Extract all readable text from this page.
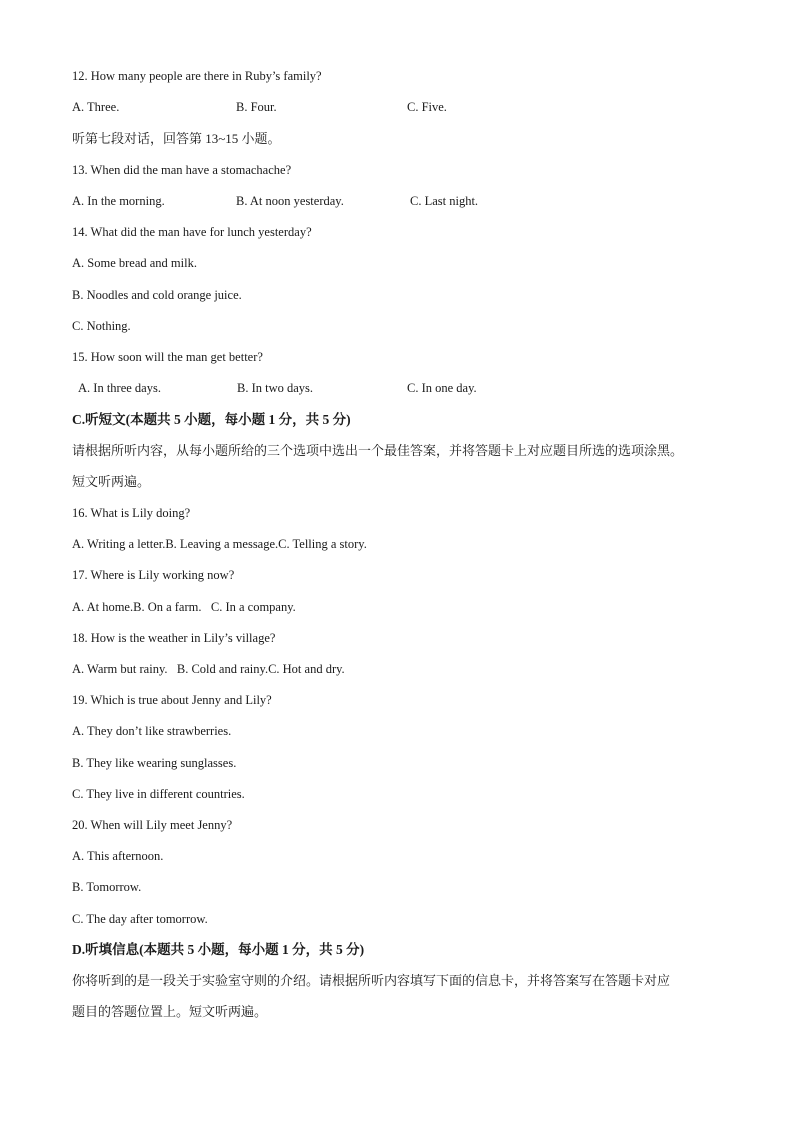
12. How many people are there in Ruby’s family?
A. Three.	B. Four.	C. Five.
听第七段对话，回答第 13~15 小题。
13. When did the man have a stomachache?
A. In the morning.	B. At noon yesterday.	C. Last night.
14. What did the man have for lunch yesterday?
A. Some bread and milk.
B. Noodles and cold orange juice.
C. Nothing.
15. How soon will the man get better?
A. In three days.	B. In two days.	C. In one day.
C.听短文(本题共 5 小题，每小题 1 分，共 5 分)
请根据所听内容，从每小题所给的三个选项中选出一个最佳答案，并将答题卡上对应题目所选的选项涂黑。
短文听两遍。
16. What is Lily doing?
A. Writing a letter.B. Leaving a message.C. Telling a story.
17. Where is Lily working now?
A. At home.B. On a farm.   C. In a company.
18. How is the weather in Lily’s village?
A. Warm but rainy.   B. Cold and rainy.C. Hot and dry.
19. Which is true about Jenny and Lily?
A. They don’t like strawberries.
B. They like wearing sunglasses.
C. They live in different countries.
20. When will Lily meet Jenny?
A. This afternoon.
B. Tomorrow.
C. The day after tomorrow.
D.听填信息(本题共 5 小题，每小题 1 分，共 5 分)
你将听到的是一段关于实验室守则的介绍。请根据所听内容填写下面的信息卡，并将答案写在答题卡对应
题目的答题位置上。短文听两遍。
